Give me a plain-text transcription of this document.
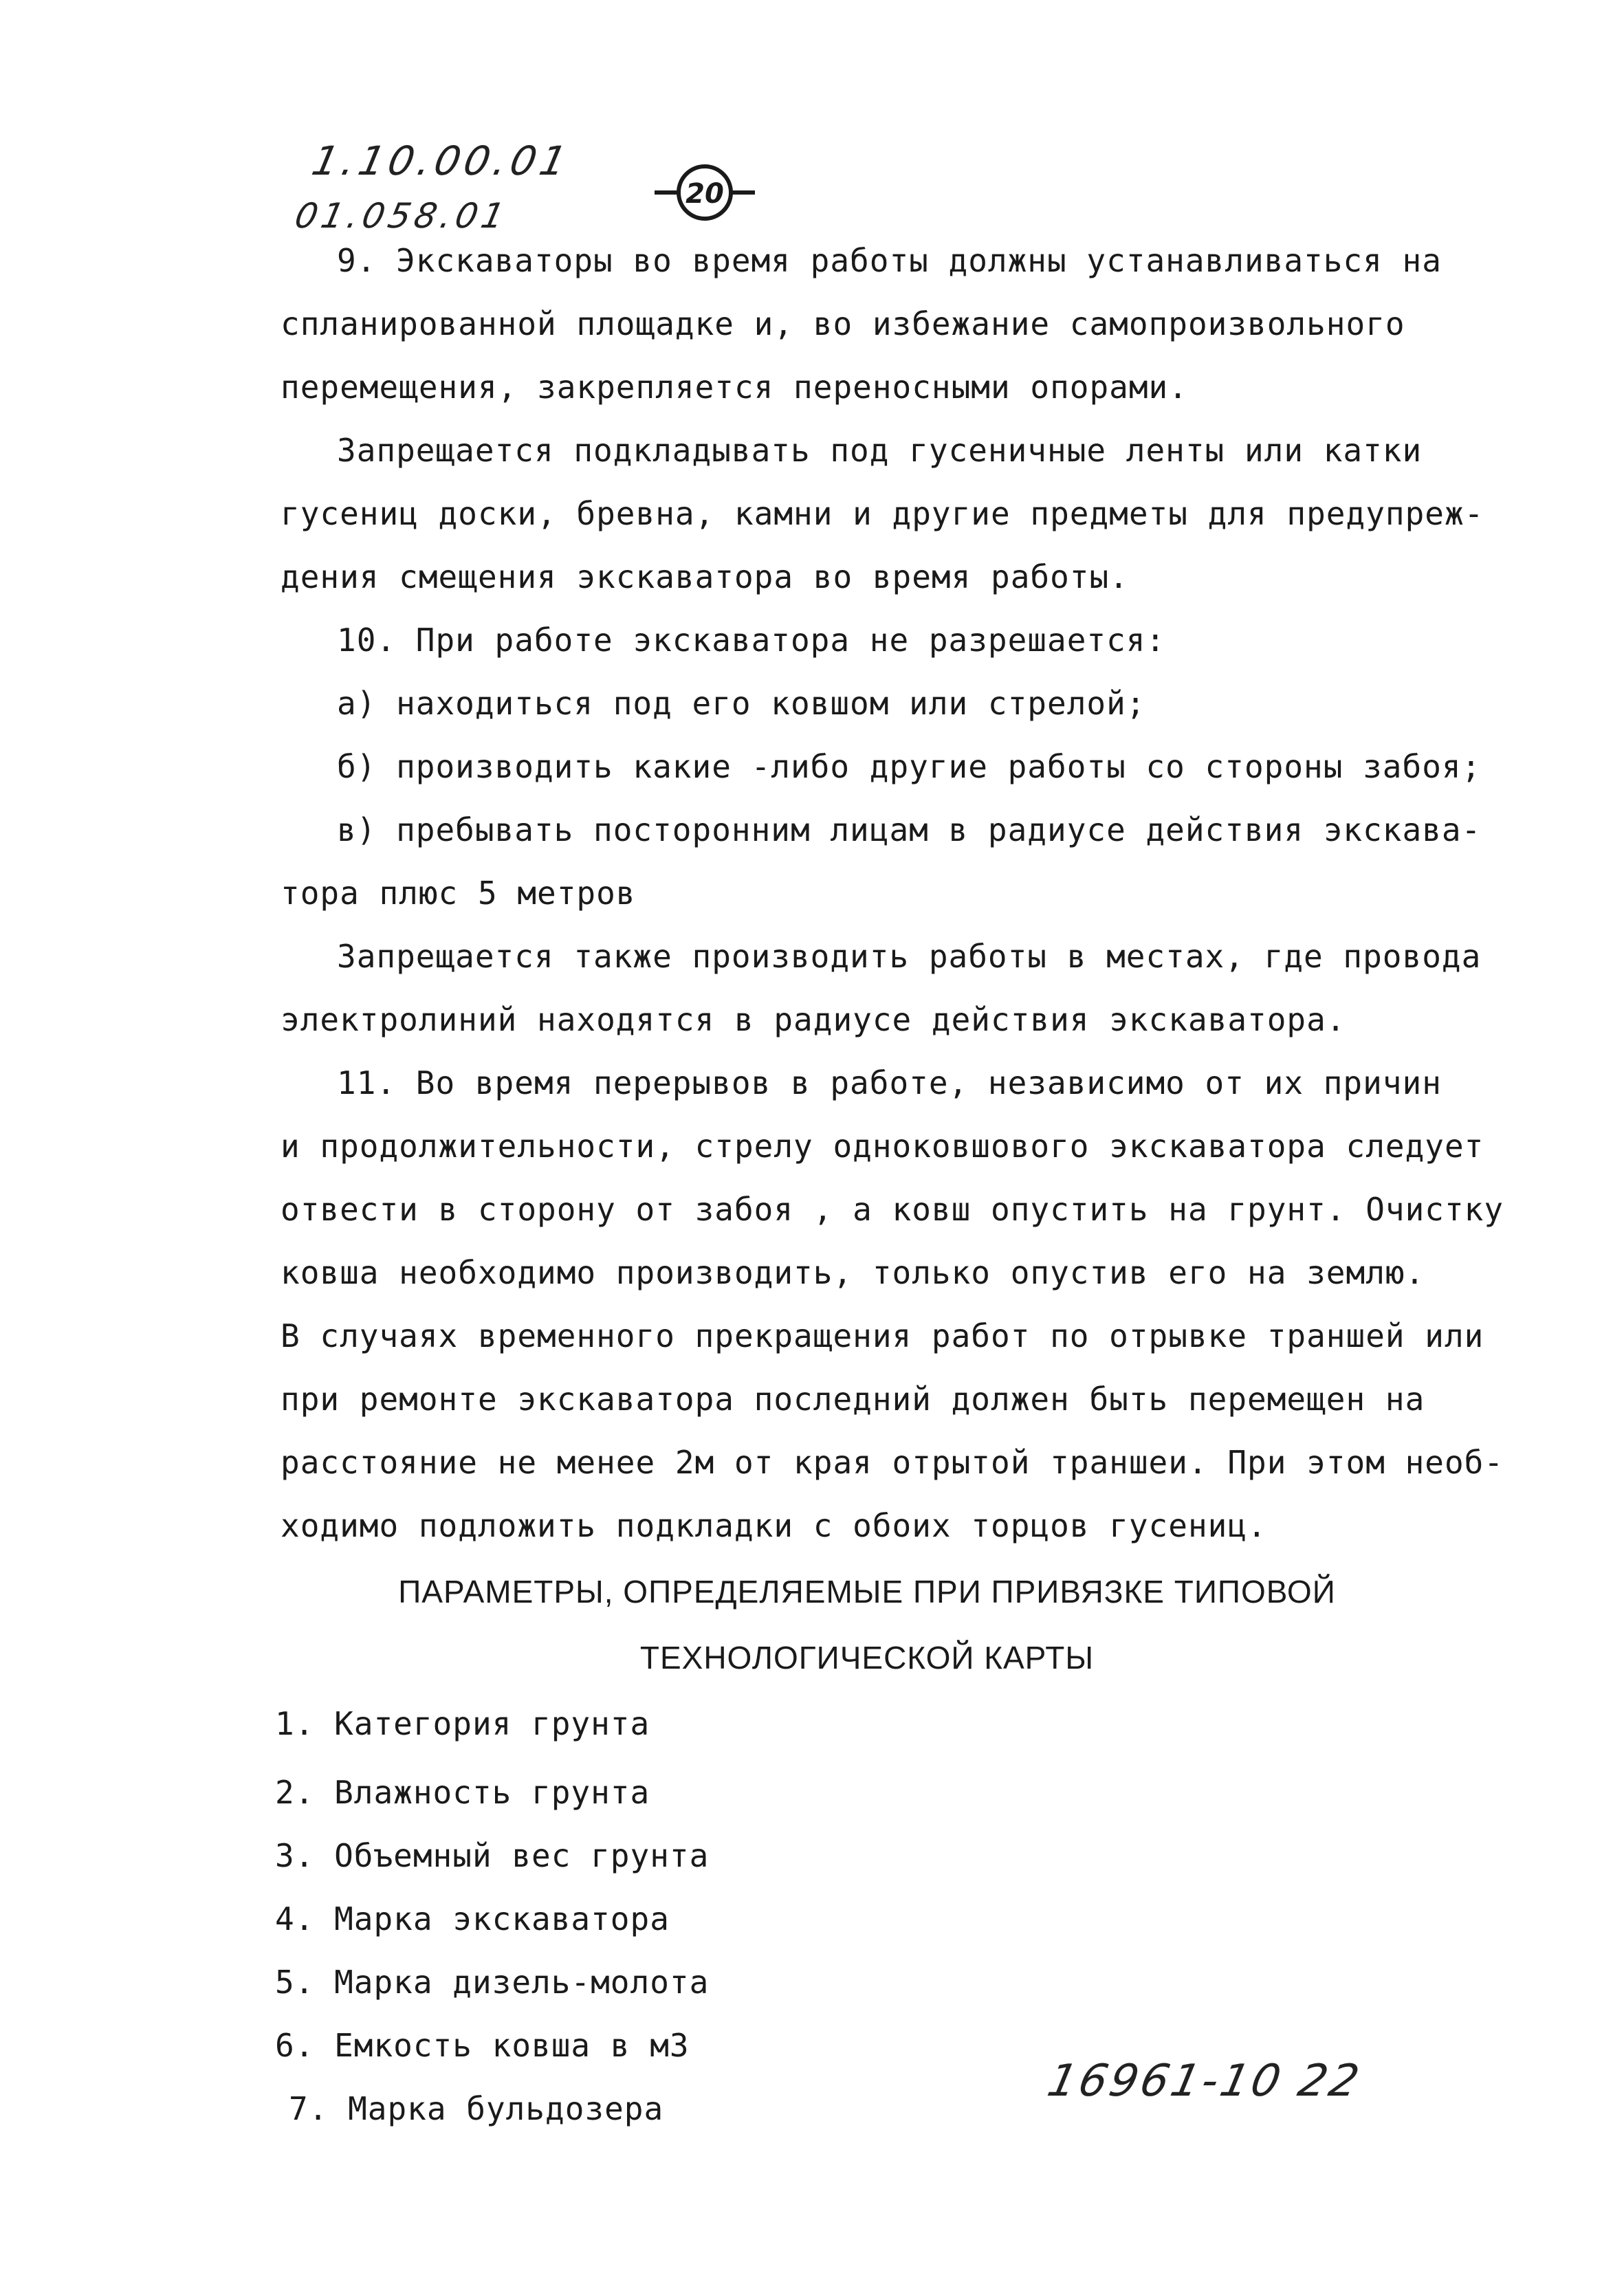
1.10.00.01
01.058.01
20
9. Экскаваторы во время работы должны устанавливаться на
спланированной площадке и, во избежание самопроизвольного
перемещения, закрепляется переносными опорами.
Запрещается подкладывать под гусеничные ленты или катки
гусениц доски, бревна, камни и другие предметы для предупреж-
дения смещения экскаватора во время работы.
10. При работе экскаватора не разрешается:
а) находиться под его ковшом или стрелой;
б) производить какие -либо другие работы со стороны забоя;
в) пребывать посторонним лицам в радиусе действия экскава-
тора плюс 5 метров
Запрещается также производить работы в местах, где провода
электролиний находятся в радиусе действия экскаватора.
11. Во время перерывов в работе, независимо от их причин
и продолжительности, стрелу одноковшового экскаватора следует
отвести в сторону от забоя , а ковш опустить на грунт. Очистку
ковша необходимо производить, только опустив его на землю.
В случаях временного прекращения работ по отрывке траншей или
при ремонте экскаватора последний должен быть перемещен на
расстояние не менее 2м от края отрытой траншеи. При этом необ-
ходимо подложить подкладки с обоих торцов гусениц.
ПАРАМЕТРЫ, ОПРЕДЕЛЯЕМЫЕ ПРИ ПРИВЯЗКЕ ТИПОВОЙ
ТЕХНОЛОГИЧЕСКОЙ КАРТЫ
1. Категория грунта
2. Влажность грунта
3. Объемный вес грунта
4. Марка экскаватора
5. Марка дизель-молота
6. Емкость ковша в м3
7. Марка бульдозера
16961-10 22
